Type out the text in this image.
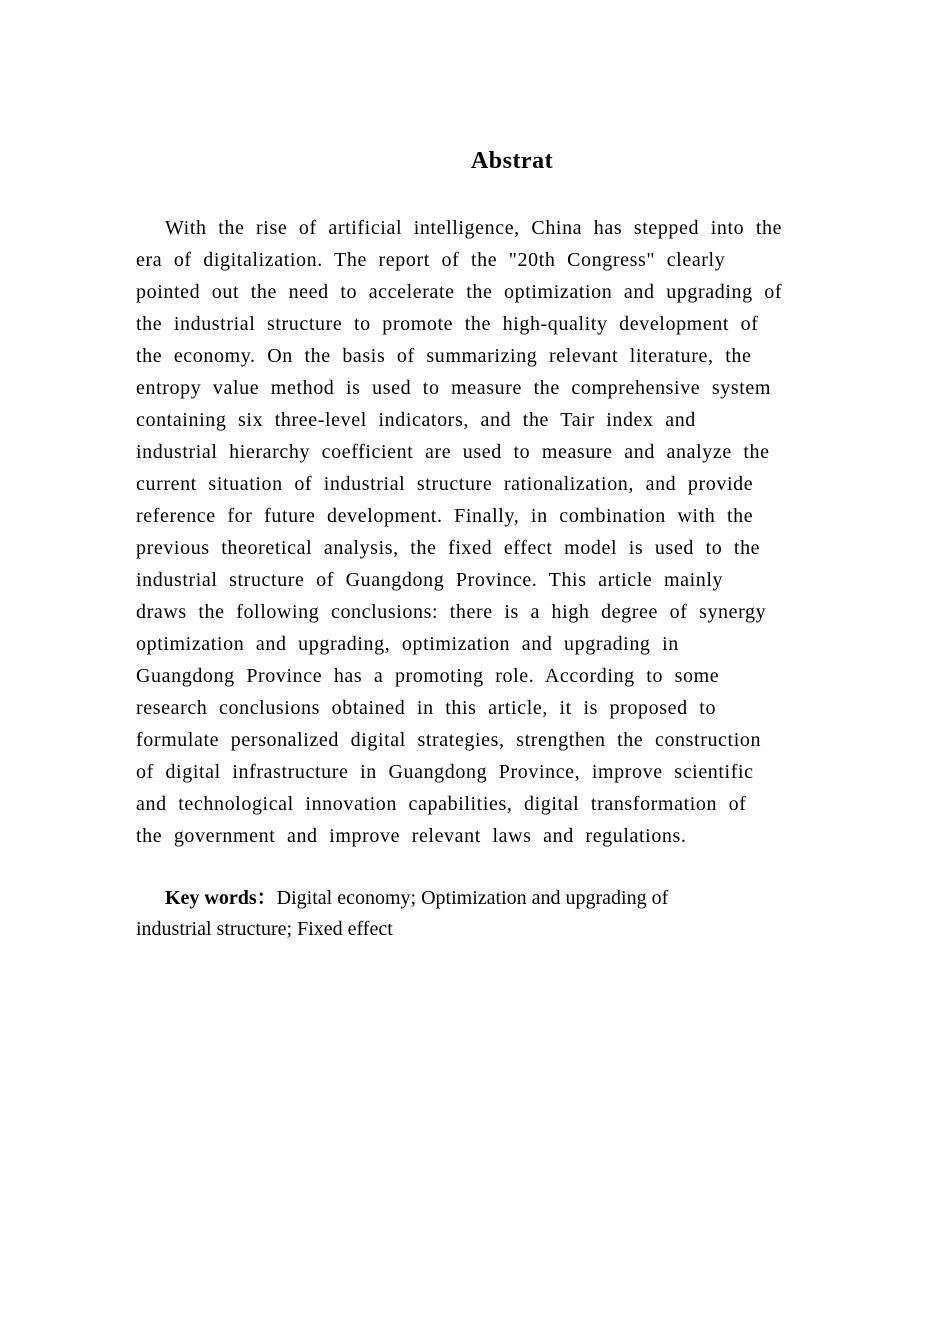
Abstrat
With the rise of artificial intelligence, China has stepped into the
era of digitalization. The report of the "20th Congress" clearly
pointed out the need to accelerate the optimization and upgrading of
the industrial structure to promote the high-quality development of
the economy. On the basis of summarizing relevant literature, the
entropy value method is used to measure the comprehensive system
containing six three-level indicators, and the Tair index and
industrial hierarchy coefficient are used to measure and analyze the
current situation of industrial structure rationalization, and provide
reference for future development. Finally, in combination with the
previous theoretical analysis, the fixed effect model is used to the
industrial structure of Guangdong Province. This article mainly
draws the following conclusions: there is a high degree of synergy
optimization and upgrading, optimization and upgrading in
Guangdong Province has a promoting role. According to some
research conclusions obtained in this article, it is proposed to
formulate personalized digital strategies, strengthen the construction
of digital infrastructure in Guangdong Province, improve scientific
and technological innovation capabilities, digital transformation of
the government and improve relevant laws and regulations.
Key words：Digital economy; Optimization and upgrading of
industrial structure; Fixed effect
